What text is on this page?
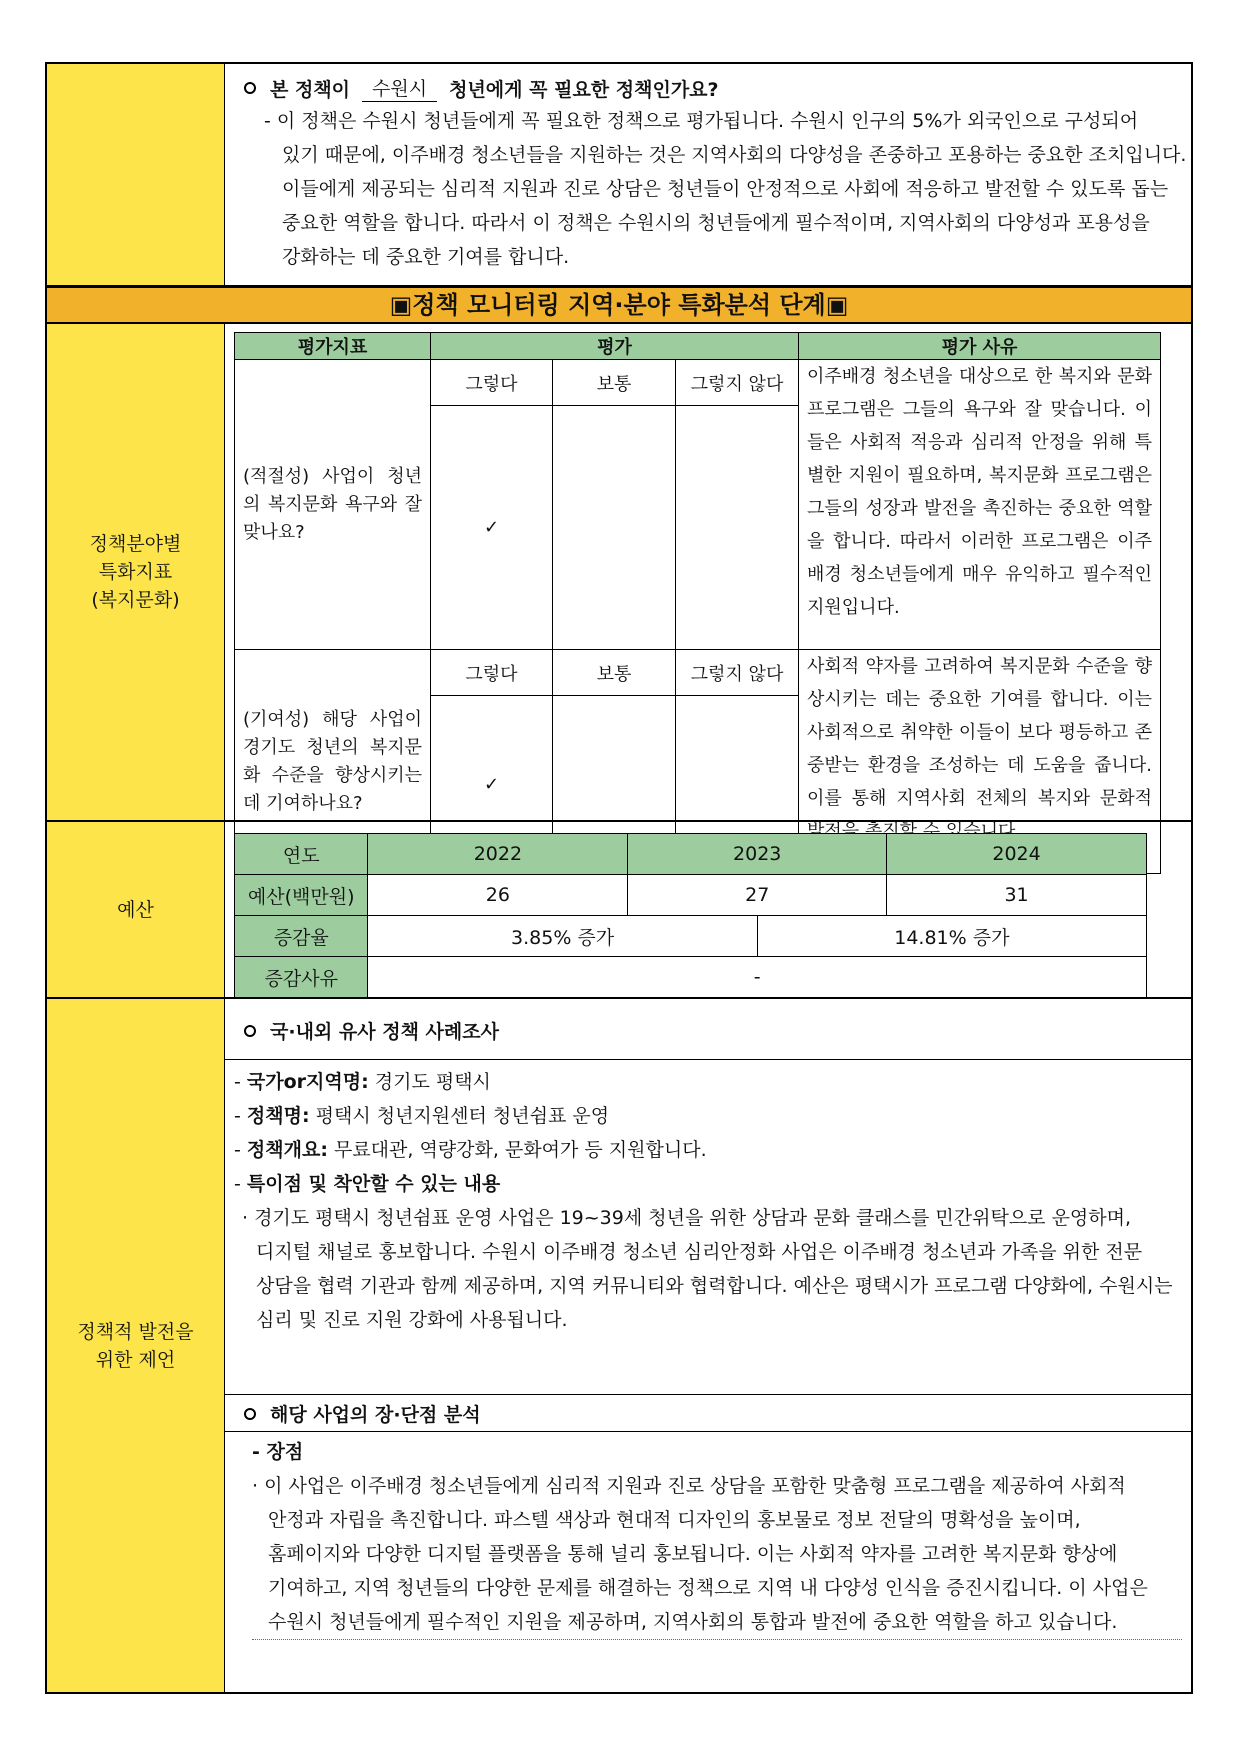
본 정책이	수원시	청년에게 꼭 필요한 정책인가요?
- 이 정책은 수원시 청년들에게 꼭 필요한 정책으로 평가됩니다. 수원시 인구의 5%가 외국인으로 구성되어
있기 때문에, 이주배경 청소년들을 지원하는 것은 지역사회의 다양성을 존중하고 포용하는 중요한 조치입니다.
이들에게 제공되는 심리적 지원과 진로 상담은 청년들이 안정적으로 사회에 적응하고 발전할 수 있도록 돕는
중요한 역할을 합니다. 따라서 이 정책은 수원시의 청년들에게 필수적이며, 지역사회의 다양성과 포용성을
강화하는 데 중요한 기여를 합니다.
▣정책 모니터링 지역·분야 특화분석 단계▣
정책분야별
특화지표
(복지문화)
평가지표	평가			평가 사유
(적절성) 사업이 청년의 복지문화 욕구와 잘 맞나요?	그렇다	보통	그렇지 않다	이주배경 청소년을 대상으로 한 복지와 문화 프로그램은 그들의 욕구와 잘 맞습니다. 이들은 사회적 적응과 심리적 안정을 위해 특별한 지원이 필요하며, 복지문화 프로그램은 그들의 성장과 발전을 촉진하는 중요한 역할을 합니다. 따라서 이러한 프로그램은 이주배경 청소년들에게 매우 유익하고 필수적인 지원입니다.
	✓			
(기여성) 해당 사업이 경기도 청년의 복지문화 수준을 향상시키는데 기여하나요?	그렇다	보통	그렇지 않다	사회적 약자를 고려하여 복지문화 수준을 향상시키는 데는 중요한 기여를 합니다. 이는 사회적으로 취약한 이들이 보다 평등하고 존중받는 환경을 조성하는 데 도움을 줍니다. 이를 통해 지역사회 전체의 복지와 문화적 발전을 촉진할 수 있습니다.
	✓			
예산
연도	2022	2023		2024
예산(백만원)	26	27		31
증감율	3.85% 증가		14.81% 증가	
증감사유	-			
정책적 발전을
위한 제언
국·내외 유사 정책 사례조사
- 국가or지역명: 경기도 평택시
- 정책명: 평택시 청년지원센터 청년쉼표 운영
- 정책개요: 무료대관, 역량강화, 문화여가 등 지원합니다.
- 특이점 및 착안할 수 있는 내용
· 경기도 평택시 청년쉼표 운영 사업은 19~39세 청년을 위한 상담과 문화 클래스를 민간위탁으로 운영하며,
디지털 채널로 홍보합니다. 수원시 이주배경 청소년 심리안정화 사업은 이주배경 청소년과 가족을 위한 전문
상담을 협력 기관과 함께 제공하며, 지역 커뮤니티와 협력합니다. 예산은 평택시가 프로그램 다양화에, 수원시는
심리 및 진로 지원 강화에 사용됩니다.
해당 사업의 장·단점 분석
- 장점
· 이 사업은 이주배경 청소년들에게 심리적 지원과 진로 상담을 포함한 맞춤형 프로그램을 제공하여 사회적
안정과 자립을 촉진합니다. 파스텔 색상과 현대적 디자인의 홍보물로 정보 전달의 명확성을 높이며,
홈페이지와 다양한 디지털 플랫폼을 통해 널리 홍보됩니다. 이는 사회적 약자를 고려한 복지문화 향상에
기여하고, 지역 청년들의 다양한 문제를 해결하는 정책으로 지역 내 다양성 인식을 증진시킵니다. 이 사업은
수원시 청년들에게 필수적인 지원을 제공하며, 지역사회의 통합과 발전에 중요한 역할을 하고 있습니다.
